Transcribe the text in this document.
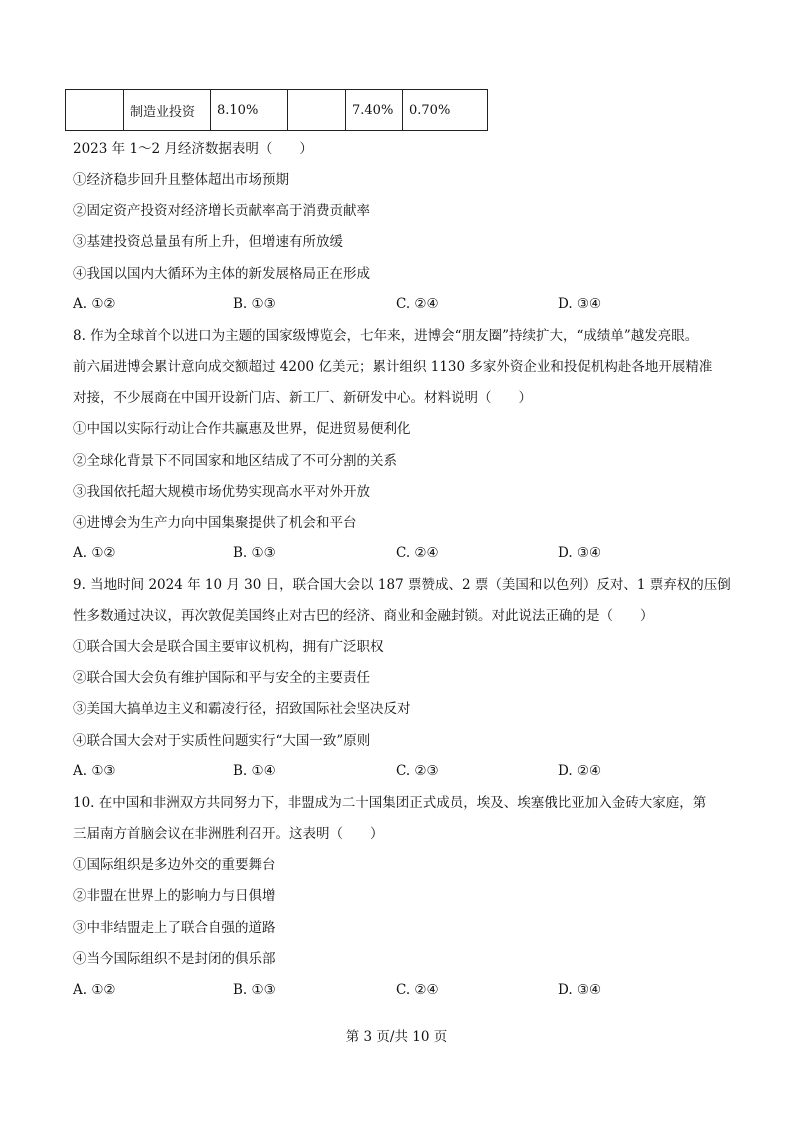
	制造业投资	8.10%		7.40%	0.70%
2023 年 1～2 月经济数据表明（　　）
①经济稳步回升且整体超出市场预期
②固定资产投资对经济增长贡献率高于消费贡献率
③基建投资总量虽有所上升，但增速有所放缓
④我国以国内大循环为主体的新发展格局正在形成
A. ①②	B. ①③	C. ②④	D. ③④
8. 作为全球首个以进口为主题的国家级博览会，七年来，进博会“朋友圈”持续扩大，“成绩单”越发亮眼。
前六届进博会累计意向成交额超过 4200 亿美元；累计组织 1130 多家外资企业和投促机构赴各地开展精准
对接，不少展商在中国开设新门店、新工厂、新研发中心。材料说明（　　）
①中国以实际行动让合作共赢惠及世界，促进贸易便利化
②全球化背景下不同国家和地区结成了不可分割的关系
③我国依托超大规模市场优势实现高水平对外开放
④进博会为生产力向中国集聚提供了机会和平台
A. ①②	B. ①③	C. ②④	D. ③④
9. 当地时间 2024 年 10 月 30 日，联合国大会以 187 票赞成、2 票（美国和以色列）反对、1 票弃权的压倒
性多数通过决议，再次敦促美国终止对古巴的经济、商业和金融封锁。对此说法正确的是（　　）
①联合国大会是联合国主要审议机构，拥有广泛职权
②联合国大会负有维护国际和平与安全的主要责任
③美国大搞单边主义和霸凌行径，招致国际社会坚决反对
④联合国大会对于实质性问题实行“大国一致”原则
A. ①③	B. ①④	C. ②③	D. ②④
10. 在中国和非洲双方共同努力下，非盟成为二十国集团正式成员，埃及、埃塞俄比亚加入金砖大家庭，第
三届南方首脑会议在非洲胜利召开。这表明（　　）
①国际组织是多边外交的重要舞台
②非盟在世界上的影响力与日俱增
③中非结盟走上了联合自强的道路
④当今国际组织不是封闭的俱乐部
A. ①②	B. ①③	C. ②④	D. ③④
第 3 页/共 10 页
